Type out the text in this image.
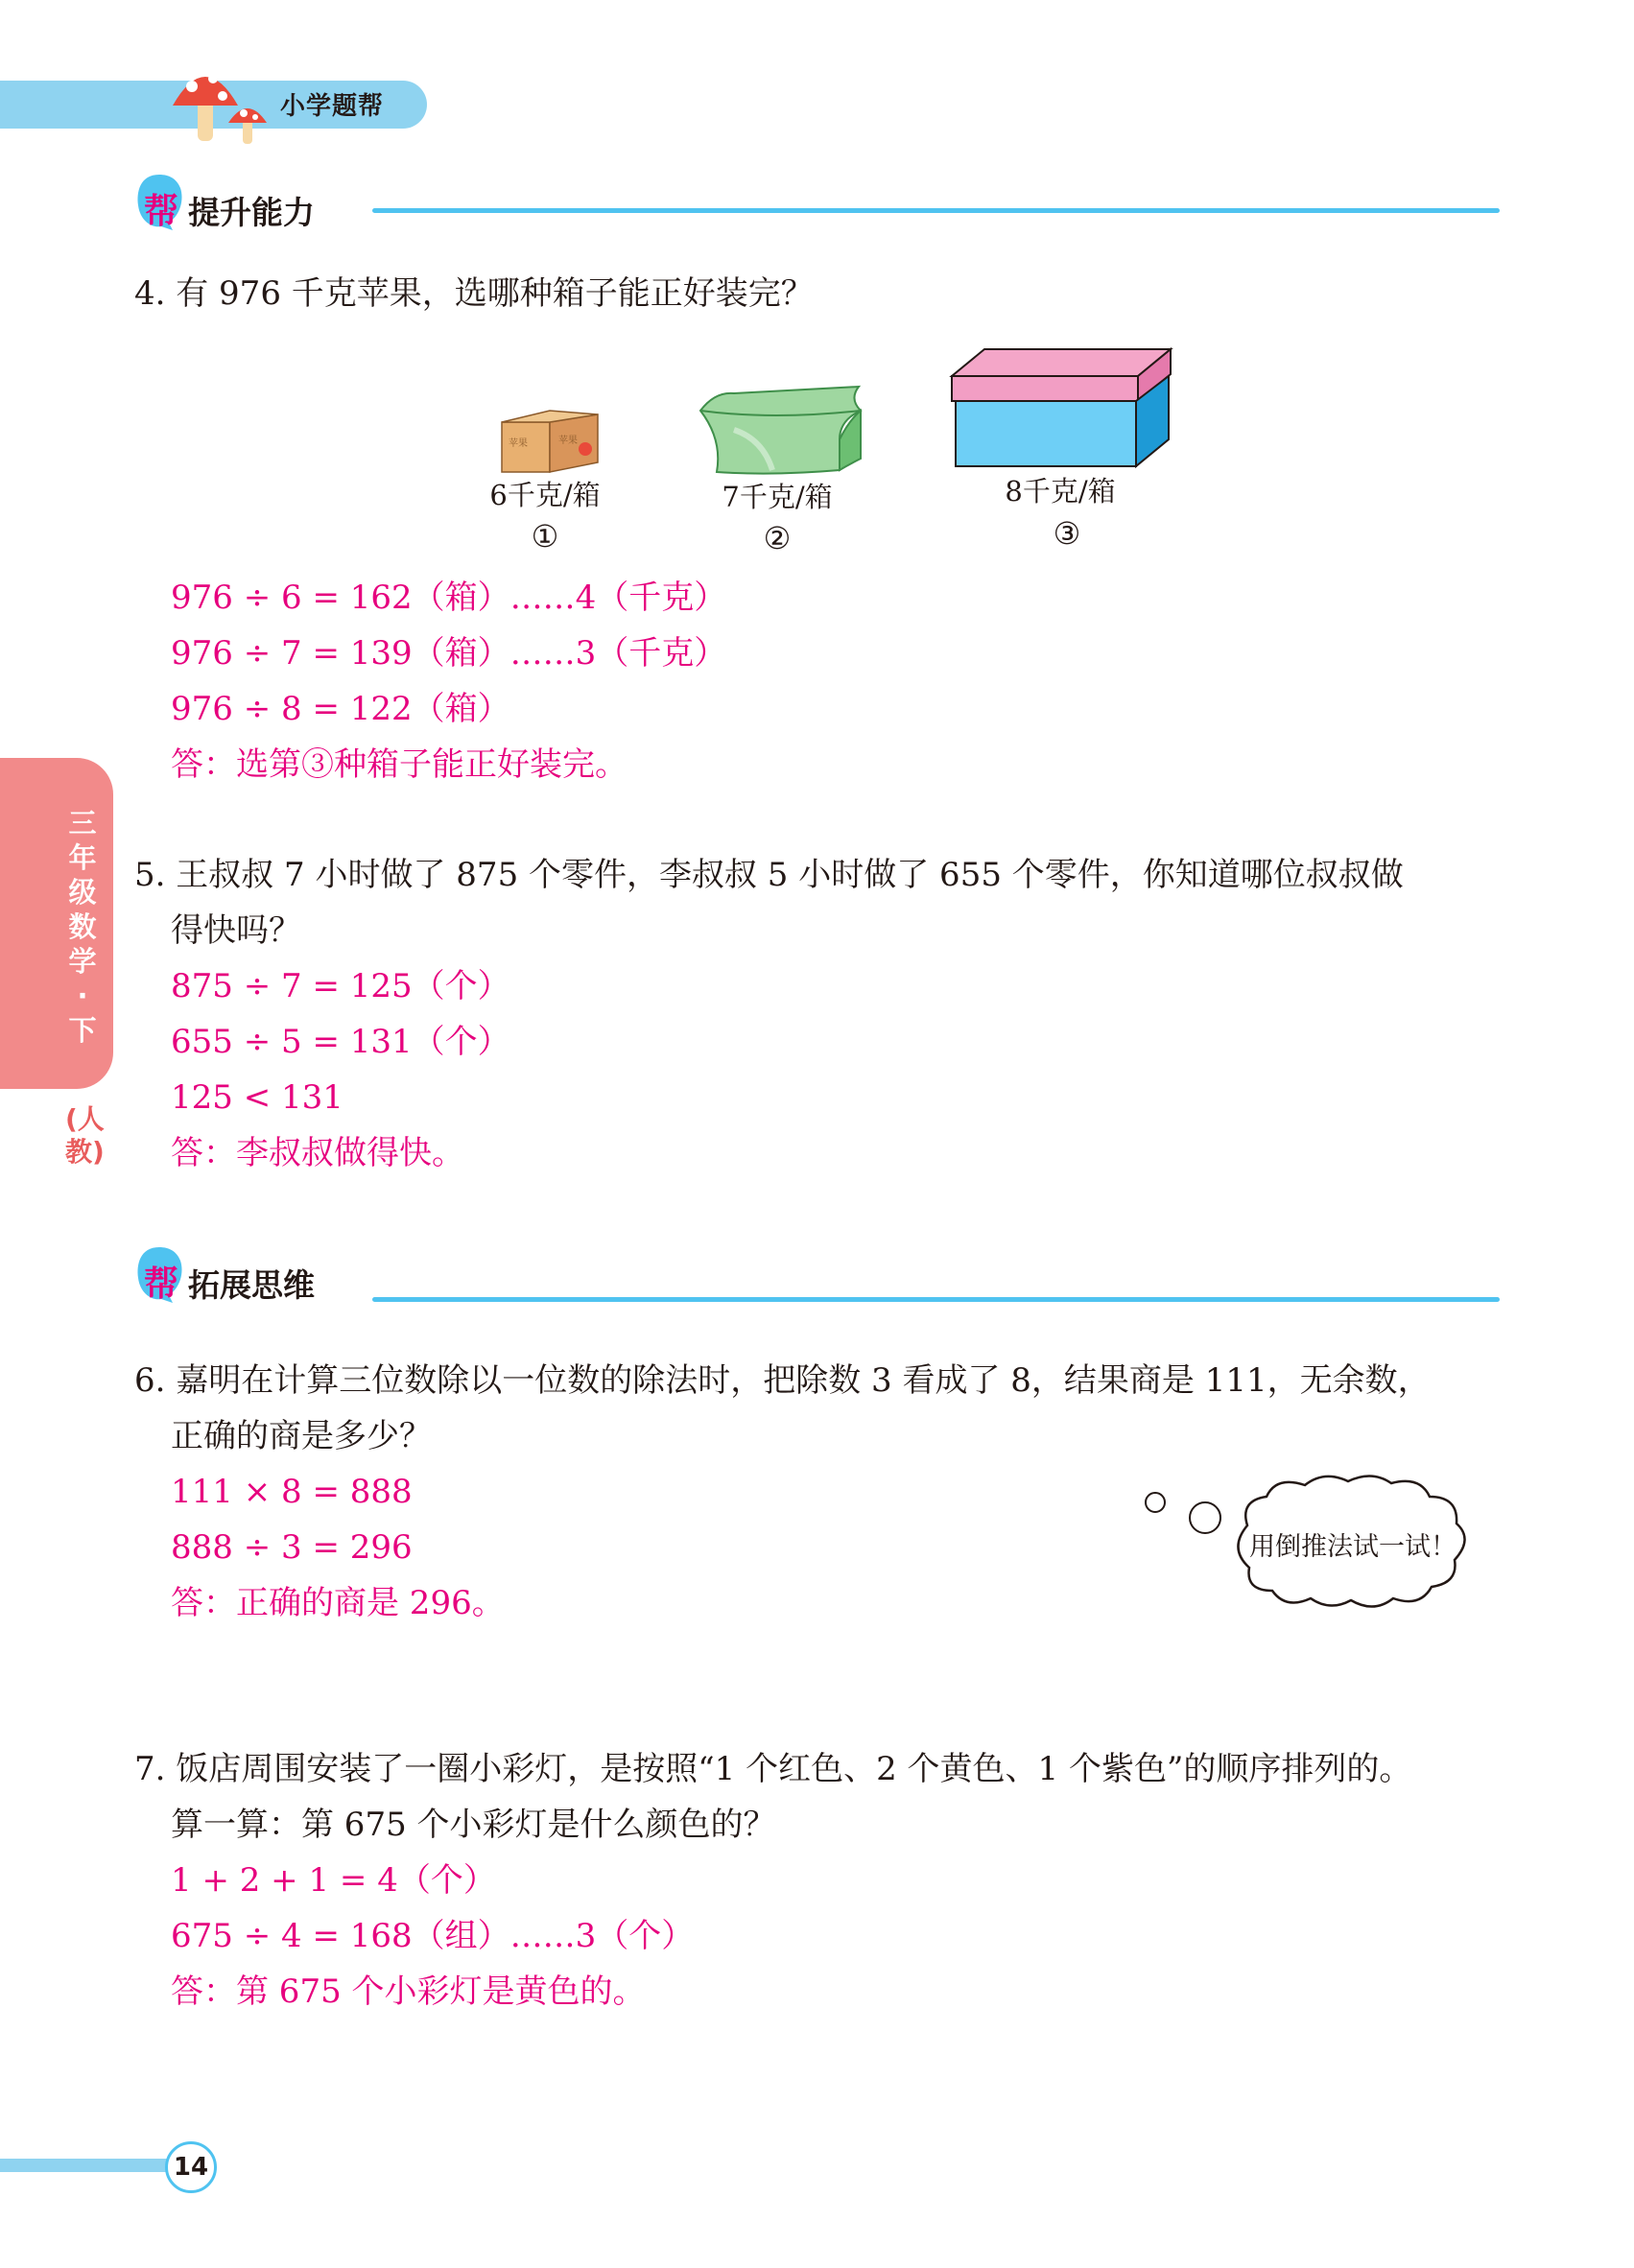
小学题帮
帮 提升能力
4. 有 976 千克苹果，选哪种箱子能正好装完？
苹果	苹果
6千克/箱
①
7千克/箱
②
8千克/箱
③
976 ÷ 6 = 162（箱）……4（千克）
976 ÷ 7 = 139（箱）……3（千克）
976 ÷ 8 = 122（箱）
答：选第③种箱子能正好装完。
三年级数学·下
(人教)
5. 王叔叔 7 小时做了 875 个零件，李叔叔 5 小时做了 655 个零件，你知道哪位叔叔做
得快吗？
875 ÷ 7 = 125（个）
655 ÷ 5 = 131（个）
125 < 131
答：李叔叔做得快。
帮 拓展思维
6. 嘉明在计算三位数除以一位数的除法时，把除数 3 看成了 8，结果商是 111，无余数，
正确的商是多少？
111 × 8 = 888
888 ÷ 3 = 296
答：正确的商是 296。
用倒推法试一试！
7. 饭店周围安装了一圈小彩灯，是按照“1 个红色、2 个黄色、1 个紫色”的顺序排列的。
算一算：第 675 个小彩灯是什么颜色的？
1 + 2 + 1 = 4（个）
675 ÷ 4 = 168（组）……3（个）
答：第 675 个小彩灯是黄色的。
14
